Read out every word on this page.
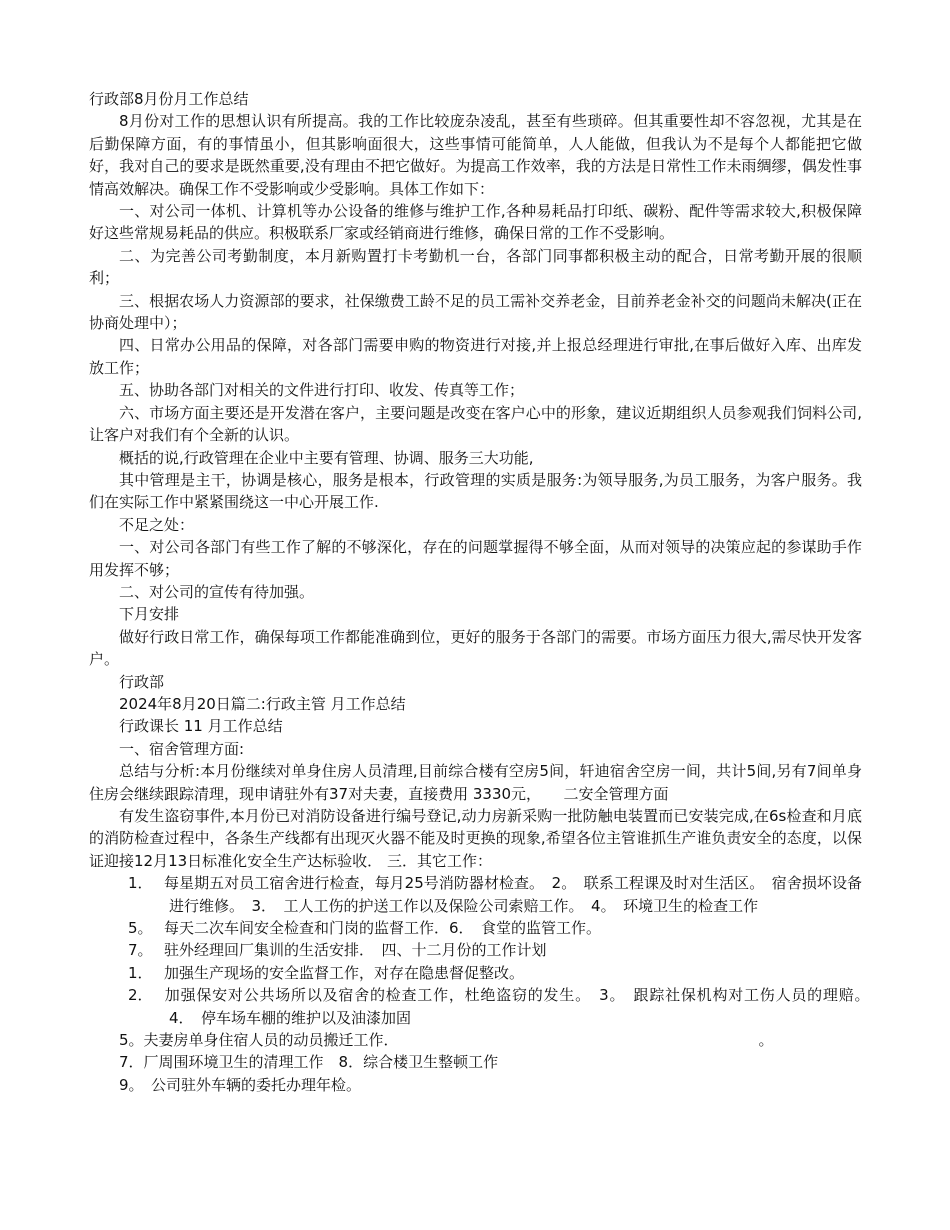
行政部8月份月工作总结

8月份对工作的思想认识有所提高。我的工作比较庞杂凌乱，甚至有些琐碎。但其重要性却不容忽视，尤其是在后勤保障方面，有的事情虽小，但其影响面很大，这些事情可能简单，人人能做，但我认为不是每个人都能把它做好，我对自己的要求是既然重要,没有理由不把它做好。为提高工作效率，我的方法是日常性工作未雨绸缪，偶发性事情高效解决。确保工作不受影响或少受影响。具体工作如下：

一、对公司一体机、计算机等办公设备的维修与维护工作,各种易耗品打印纸、碳粉、配件等需求较大,积极保障好这些常规易耗品的供应。积极联系厂家或经销商进行维修，确保日常的工作不受影响。

二、为完善公司考勤制度，本月新购置打卡考勤机一台，各部门同事都积极主动的配合，日常考勤开展的很顺利；

三、根据农场人力资源部的要求，社保缴费工龄不足的员工需补交养老金，目前养老金补交的问题尚未解决(正在协商处理中）；

四、日常办公用品的保障，对各部门需要申购的物资进行对接,并上报总经理进行审批,在事后做好入库、出库发放工作；

五、协助各部门对相关的文件进行打印、收发、传真等工作；

六、市场方面主要还是开发潜在客户，主要问题是改变在客户心中的形象，建议近期组织人员参观我们饲料公司,让客户对我们有个全新的认识。

概括的说,行政管理在企业中主要有管理、协调、服务三大功能,

其中管理是主干，协调是核心，服务是根本，行政管理的实质是服务:为领导服务,为员工服务，为客户服务。我们在实际工作中紧紧围绕这一中心开展工作.

不足之处：

一、对公司各部门有些工作了解的不够深化，存在的问题掌握得不够全面，从而对领导的决策应起的参谋助手作用发挥不够；

二、对公司的宣传有待加强。

下月安排

做好行政日常工作，确保每项工作都能准确到位，更好的服务于各部门的需要。市场方面压力很大,需尽快开发客户。

行政部

2024年8月20日篇二:行政主管 月工作总结

行政课长 11 月工作总结

一、宿舍管理方面:

总结与分析:本月份继续对单身住房人员清理,目前综合楼有空房5间，轩迪宿舍空房一间，共计5间,另有7间单身住房会继续跟踪清理，现申请驻外有37对夫妻，直接费用 3330元，　　二安全管理方面

有发生盗窃事件,本月份已对消防设备进行编号登记,动力房新采购一批防触电装置而已安装完成,在6s检查和月底的消防检查过程中，各条生产线都有出现灭火器不能及时更换的现象,希望各位主管谁抓生产谁负责安全的态度，以保证迎接12月13日标准化安全生产达标验收． 三．其它工作：

1． 每星期五对员工宿舍进行检查，每月25号消防器材检查。　2。　联系工程课及时对生活区。　宿舍损坏设备进行维修。　3．　工人工伤的护送工作以及保险公司索赔工作。　4。　环境卫生的检查工作
5。 每天二次车间安全检查和门岗的监督工作．6．　食堂的监管工作。
7。 驻外经理回厂集训的生活安排．　四、十二月份的工作计划
1． 加强生产现场的安全监督工作，对存在隐患督促整改。
2． 加强保安对公共场所以及宿舍的检查工作，杜绝盗窃的发生。　3。　跟踪社保机构对工伤人员的理赔。　　4．　停车场车棚的维护以及油漆加固

5。夫妻房单身住宿人员的动员搬迁工作．	。

7．厂周围环境卫生的清理工作　8．综合楼卫生整顿工作

9。　公司驻外车辆的委托办理年检。
